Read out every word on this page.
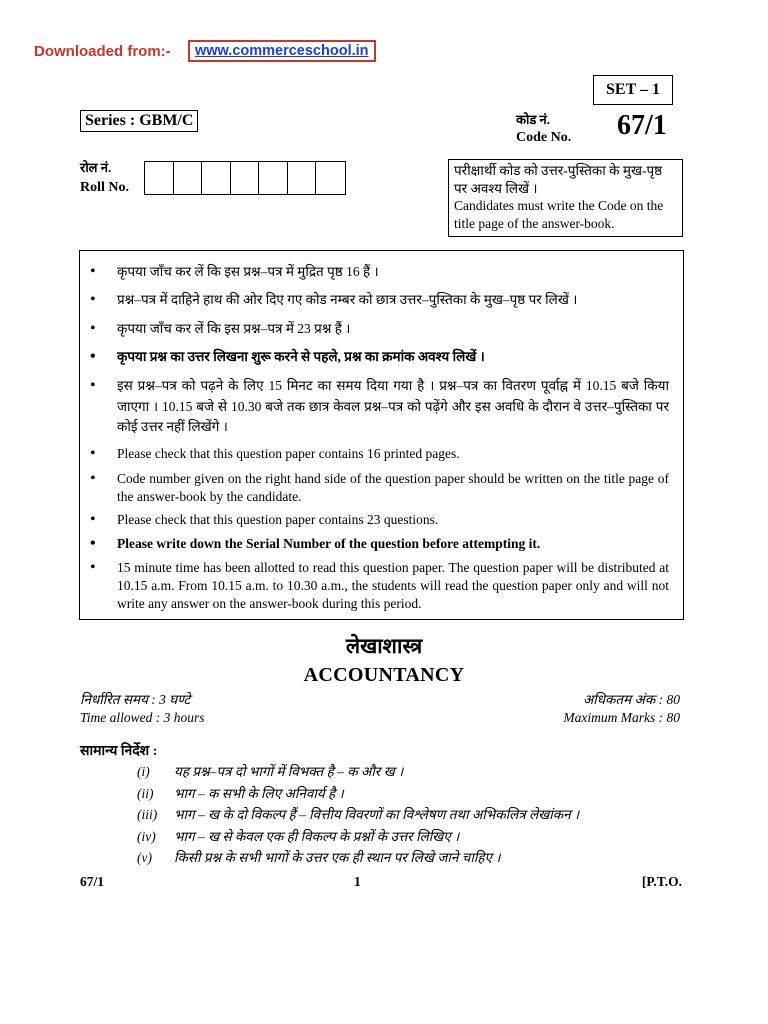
Downloaded from:-	www.commerceschool.in
SET – 1
Series : GBM/C	कोड नं.
Code No. 67/1
रोल नं.
Roll No.
परीक्षार्थी कोड को उत्तर-पुस्तिका के मुख-पृष्ठ पर अवश्य लिखें ।
Candidates must write the Code on the title page of the answer-book.
• कृपया जाँच कर लें कि इस प्रश्न–पत्र में मुद्रित पृष्ठ 16 हैं ।
• प्रश्न–पत्र में दाहिने हाथ की ओर दिए गए कोड नम्बर को छात्र उत्तर–पुस्तिका के मुख–पृष्ठ पर लिखें ।
• कृपया जाँच कर लें कि इस प्रश्न–पत्र में 23 प्रश्न हैं ।
• कृपया प्रश्न का उत्तर लिखना शुरू करने से पहले, प्रश्न का क्रमांक अवश्य लिखें ।
• इस प्रश्न–पत्र को पढ़ने के लिए 15 मिनट का समय दिया गया है । प्रश्न–पत्र का वितरण पूर्वाह्न में 10.15 बजे किया जाएगा । 10.15 बजे से 10.30 बजे तक छात्र केवल प्रश्न–पत्र को पढ़ेंगे और इस अवधि के दौरान वे उत्तर–पुस्तिका पर कोई उत्तर नहीं लिखेंगे ।
• Please check that this question paper contains 16 printed pages.
• Code number given on the right hand side of the question paper should be written on the title page of the answer-book by the candidate.
• Please check that this question paper contains 23 questions.
• Please write down the Serial Number of the question before attempting it.
• 15 minute time has been allotted to read this question paper. The question paper will be distributed at 10.15 a.m. From 10.15 a.m. to 10.30 a.m., the students will read the question paper only and will not write any answer on the answer-book during this period.
लेखाशास्त्र
ACCOUNTANCY
निर्धारित समय : 3 घण्टे
Time allowed : 3 hours
अधिकतम अंक : 80
Maximum Marks : 80
सामान्य निर्देश :
(i) यह प्रश्न–पत्र दो भागों में विभक्त है – क और ख ।
(ii) भाग – क सभी के लिए अनिवार्य है ।
(iii) भाग – ख के दो विकल्प हैं – वित्तीय विवरणों का विश्लेषण तथा अभिकलित्र लेखांकन ।
(iv) भाग – ख से केवल एक ही विकल्प के प्रश्नों के उत्तर लिखिए ।
(v) किसी प्रश्न के सभी भागों के उत्तर एक ही स्थान पर लिखे जाने चाहिए ।
67/1	1	[P.T.O.
